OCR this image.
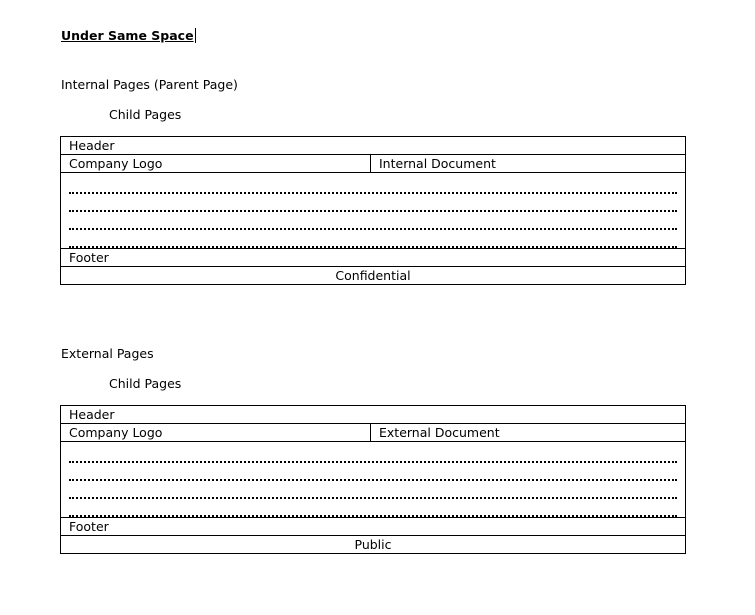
Under Same Space
Internal Pages (Parent Page)
Child Pages
Header
Company Logo	Internal Document

Footer
Confidential
External Pages
Child Pages
Header
Company Logo	External Document

Footer
Public
